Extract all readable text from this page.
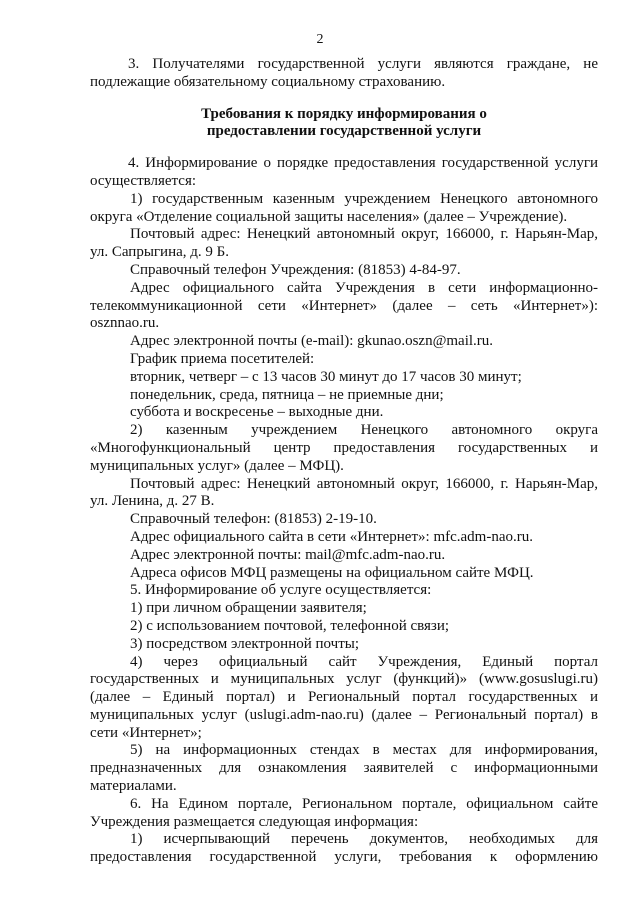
2
3. Получателями государственной услуги являются граждане, не
подлежащие обязательному социальному страхованию.
Требования к порядку информирования о
предоставлении государственной услуги
4. Информирование о порядке предоставления государственной услуги
осуществляется:
1) государственным казенным учреждением Ненецкого автономного
округа «Отделение социальной защиты населения» (далее – Учреждение).
Почтовый адрес: Ненецкий автономный округ, 166000, г. Нарьян-Мар,
ул. Сапрыгина, д. 9 Б.
Справочный телефон Учреждения: (81853) 4-84-97.
Адрес официального сайта Учреждения в сети информационно-
телекоммуникационной сети «Интернет» (далее – сеть «Интернет»):
osznnao.ru.
Адрес электронной почты (e-mail): gkunao.oszn@mail.ru.
График приема посетителей:
вторник, четверг – с 13 часов 30 минут до 17 часов 30 минут;
понедельник, среда, пятница – не приемные дни;
суббота и воскресенье – выходные дни.
2) казенным учреждением Ненецкого автономного округа
«Многофункциональный центр предоставления государственных и
муниципальных услуг» (далее – МФЦ).
Почтовый адрес: Ненецкий автономный округ, 166000, г. Нарьян-Мар,
ул. Ленина, д. 27 В.
Справочный телефон: (81853) 2-19-10.
Адрес официального сайта в сети «Интернет»: mfc.adm-nao.ru.
Адрес электронной почты: mail@mfc.adm-nao.ru.
Адреса офисов МФЦ размещены на официальном сайте МФЦ.
5. Информирование об услуге осуществляется:
1) при личном обращении заявителя;
2) с использованием почтовой, телефонной связи;
3) посредством электронной почты;
4) через официальный сайт Учреждения, Единый портал
государственных и муниципальных услуг (функций)» (www.gosuslugi.ru)
(далее – Единый портал) и Региональный портал государственных и
муниципальных услуг (uslugi.adm-nao.ru) (далее – Региональный портал) в
сети «Интернет»;
5) на информационных стендах в местах для информирования,
предназначенных для ознакомления заявителей с информационными
материалами.
6. На Едином портале, Региональном портале, официальном сайте
Учреждения размещается следующая информация:
1) исчерпывающий перечень документов, необходимых для
предоставления государственной услуги, требования к оформлению
